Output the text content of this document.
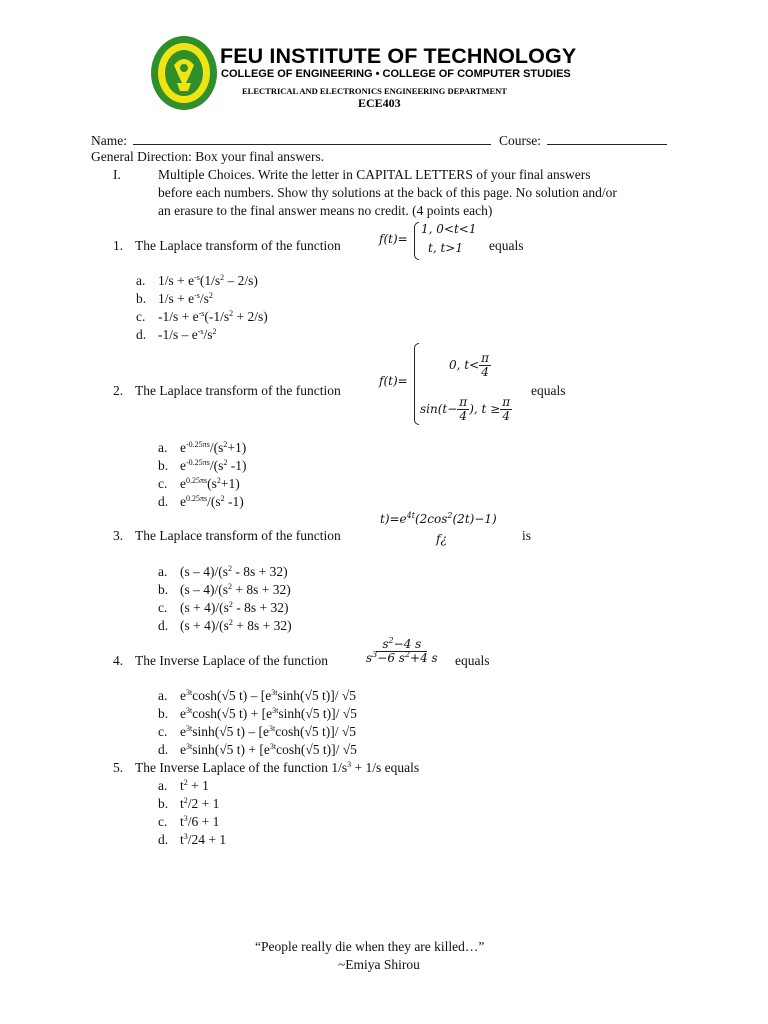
FEU INSTITUTE OF TECHNOLOGY
COLLEGE OF ENGINEERING • COLLEGE OF COMPUTER STUDIES
ELECTRICAL AND ELECTRONICS ENGINEERING DEPARTMENT
ECE403
Name:	Course:
General Direction: Box your final answers.
I.	Multiple Choices. Write the letter in CAPITAL LETTERS of your final answers
before each numbers. Show thy solutions at the back of this page. No solution and/or
an erasure to the final answer means no credit. (4 points each)
1. The Laplace transform of the function	f(t)=
1, 0<t<1
t, t>1 equals
a. $1/s + e^{-s}(1/s^2 - 2/s)$
b. $1/s + e^{-s}/s^2$
c. $-1/s + e^{-s}(-1/s^2 + 2/s)$
d. $-1/s - e^{-s}/s^2$
2. The Laplace transform of the function
f(t)=
0, $t< \frac{\pi}{4}$
$\sin(t- \frac{\pi}{4}$ ), $t \ge \frac{\pi}{4}$
equals
a. $e^{-0.25\pi s}/(s^2+1)$
b. $e^{-0.25\pi s}/(s^2$ -1)
c. $e^{0.25\pi s}(s^2+1)$
d. $e^{0.25\pi s}/(s^2$ -1)
3. The Laplace transform of the function
$t)=e^{4t}(2\cos^2(2t)-1)$
f¿	is
a. $(s - 4)/(s^2 - 8s + 32)$
b. $(s - 4)/(s^2 + 8s + 32)$
c. $(s + 4)/(s^2 - 8s + 32)$
d. $(s + 4)/(s^2 + 8s + 32)$
4. The Inverse Laplace of the function	$\frac{s^2-4 s}{s^3-6 s^2+4 s}$ equals
a. $e^{3t}\cosh(√5$ $t) - [e^{3t}\sinh(√5$ t)]/ √5
b. $e^{3t}\cosh(√5$ $t) + [e^{3t}\sinh(√5$ t)]/ √5
c. $e^{3t}\sinh(√5$ $t) - [e^{3t}\cosh(√5$ t)]/ √5
d. $e^{3t}\sinh(√5$ $t) + [e^{3t}\cosh(√5$ t)]/ √5
5. The Inverse Laplace of the function $1/s^3 + 1/s$ equals
a. $t^2 + 1$
b. $t^2/2 + 1$
c. $t^3/6 + 1$
d. $t^3/24 + 1$
“People really die when they are killed…”
~Emiya Shirou
